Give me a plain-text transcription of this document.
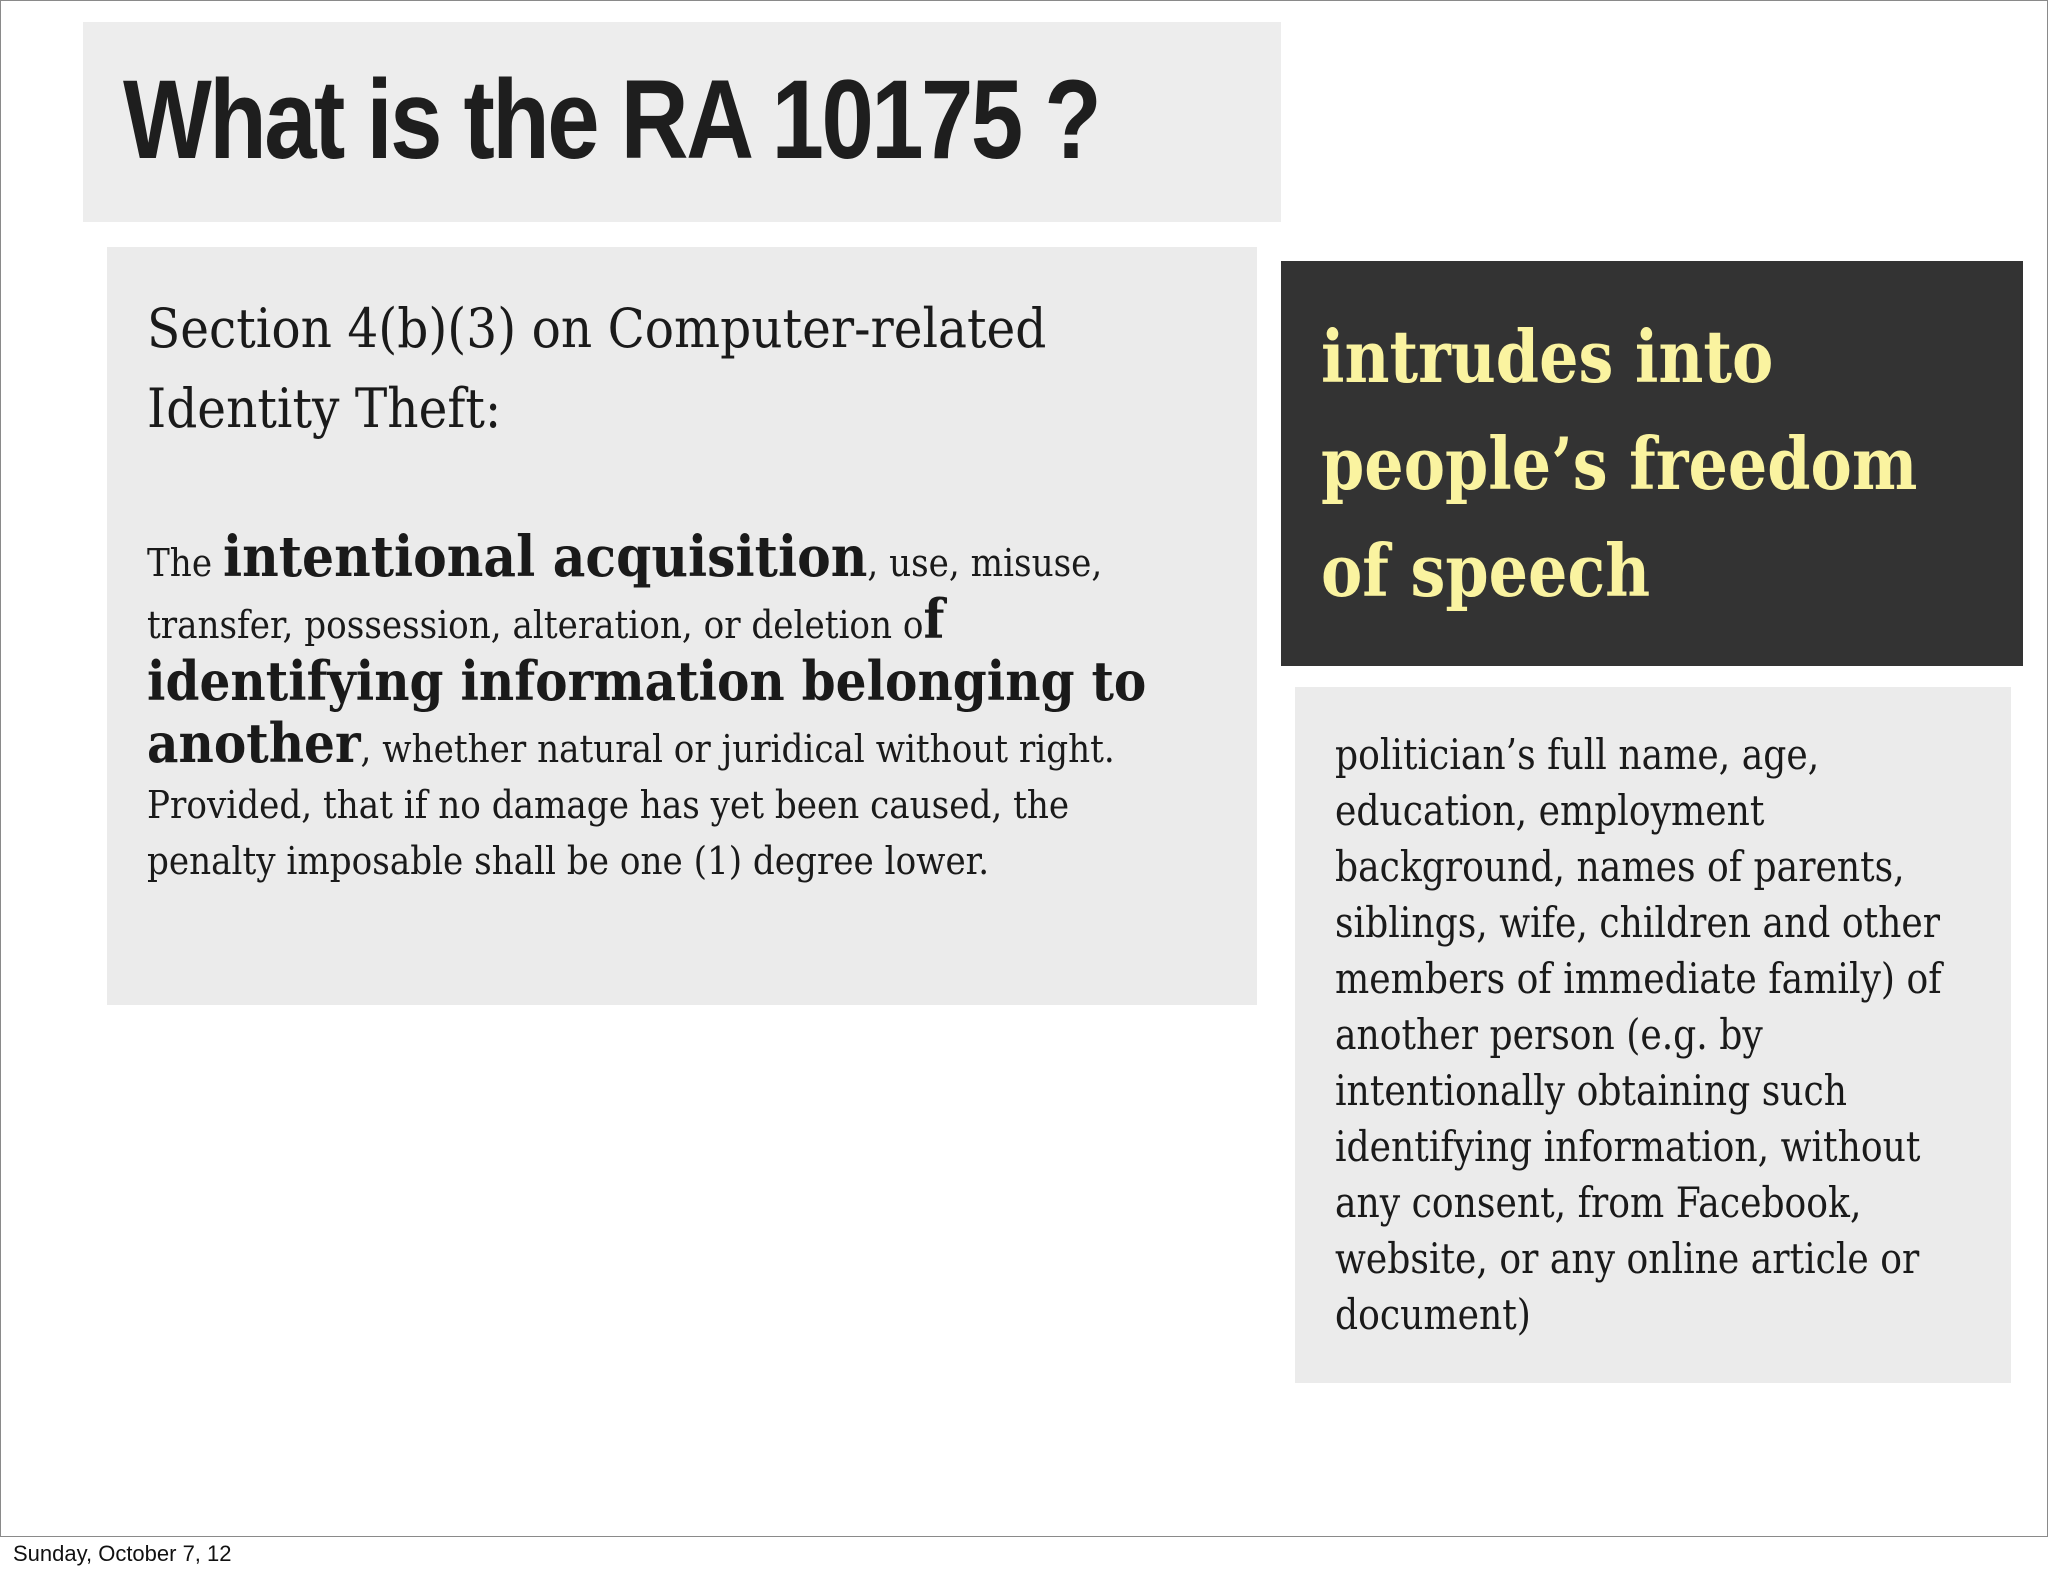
What is the RA 10175 ?

Section 4(b)(3) on Computer-related Identity Theft:

The intentional acquisition, use, misuse, transfer, possession, alteration, or deletion of identifying information belonging to another, whether natural or juridical without right. Provided, that if no damage has yet been caused, the penalty imposable shall be one (1) degree lower.

intrudes into people’s freedom of speech

politician’s full name, age, education, employment background, names of parents, siblings, wife, children and other members of immediate family) of another person (e.g. by intentionally obtaining such identifying information, without any consent, from Facebook, website, or any online article or document)

Sunday, October 7, 12
